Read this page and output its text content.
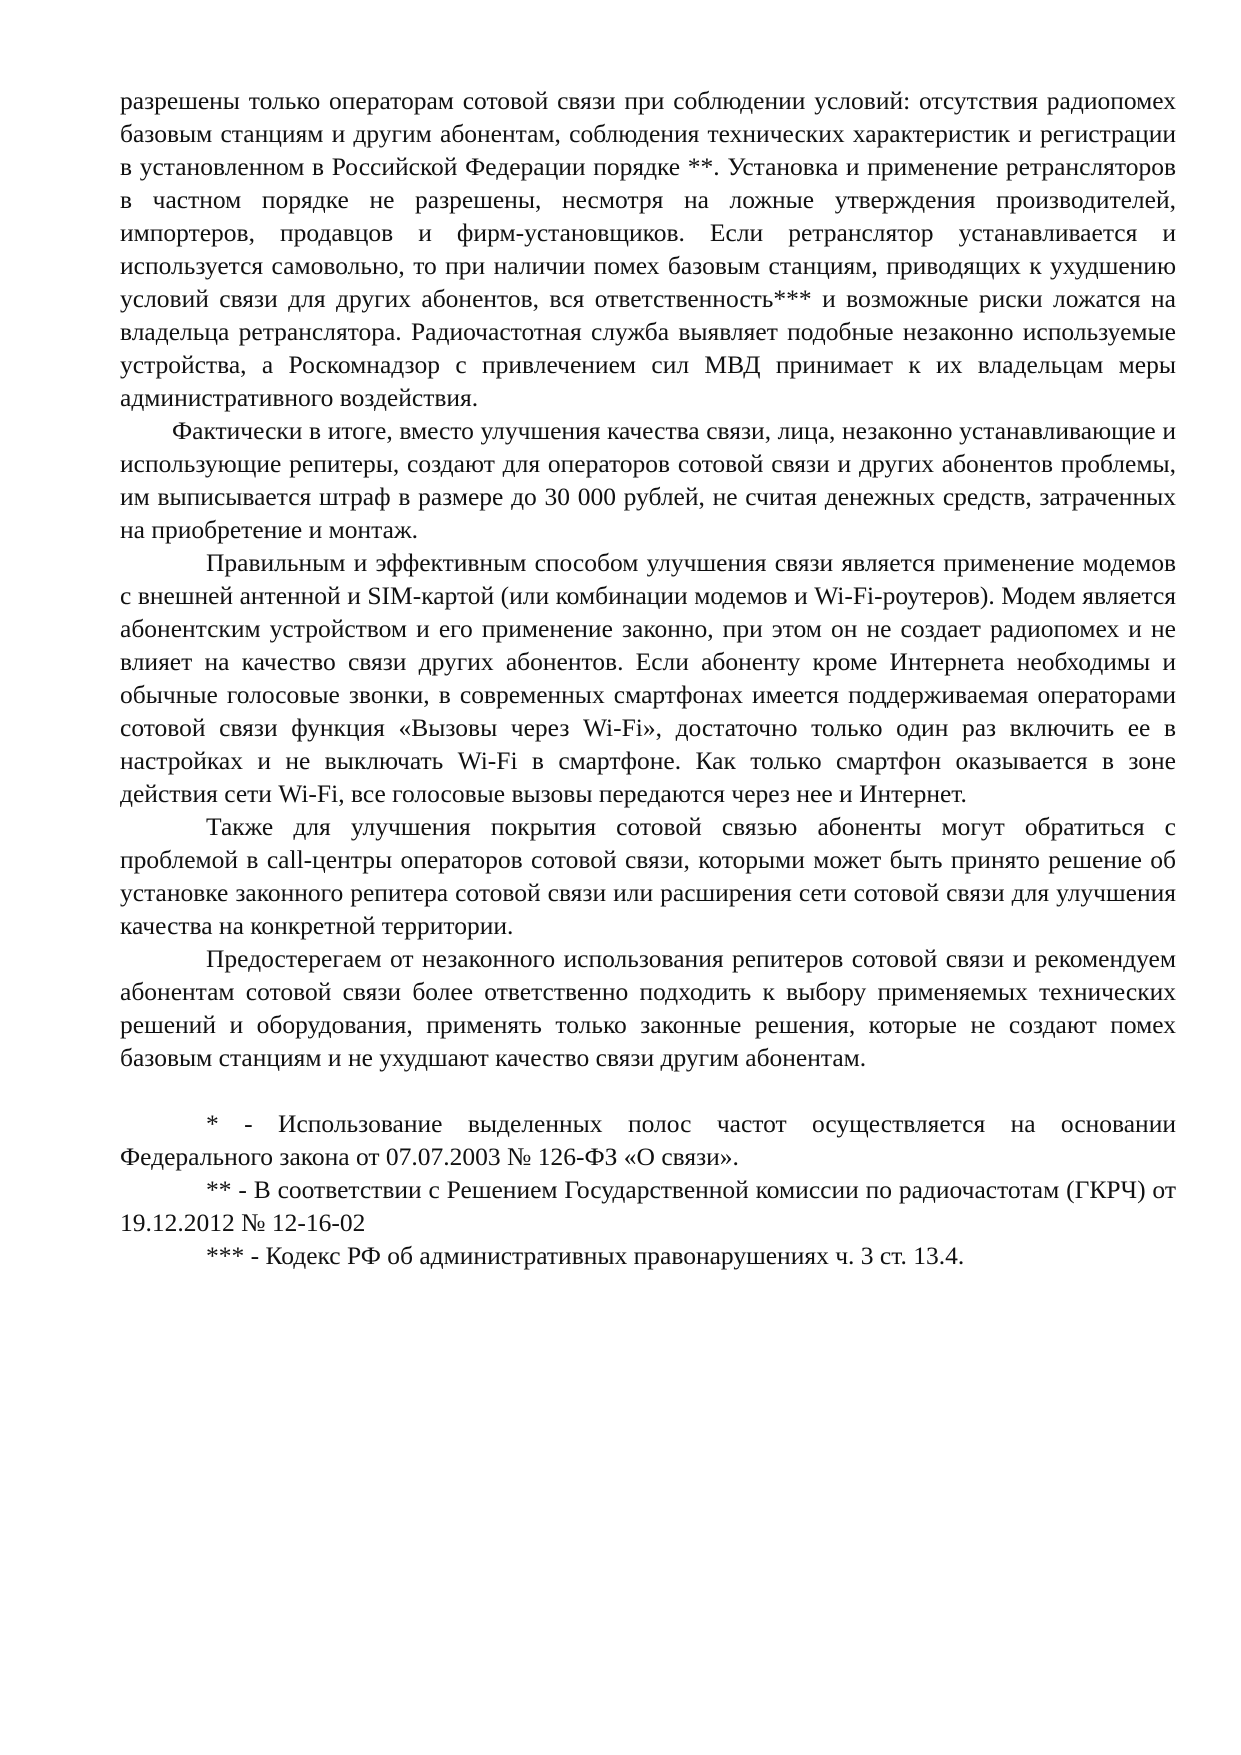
разрешены только операторам сотовой связи при соблюдении условий: отсутствия радиопомех базовым станциям и другим абонентам, соблюдения технических характеристик и регистрации в установленном в Российской Федерации порядке **. Установка и применение ретрансляторов в частном порядке не разрешены, несмотря на ложные утверждения производителей, импортеров, продавцов и фирм-установщиков. Если ретранслятор устанавливается и используется самовольно, то при наличии помех базовым станциям, приводящих к ухудшению условий связи для других абонентов, вся ответственность*** и возможные риски ложатся на владельца ретранслятора. Радиочастотная служба выявляет подобные незаконно используемые устройства, а Роскомнадзор с привлечением сил МВД принимает к их владельцам меры административного воздействия.

Фактически в итоге, вместо улучшения качества связи, лица, незаконно устанавливающие и использующие репитеры, создают для операторов сотовой связи и других абонентов проблемы, им выписывается штраф в размере до 30 000 рублей, не считая денежных средств, затраченных на приобретение и монтаж.

Правильным и эффективным способом улучшения связи является применение модемов с внешней антенной и SIM-картой (или комбинации модемов и Wi-Fi-роутеров). Модем является абонентским устройством и его применение законно, при этом он не создает радиопомех и не влияет на качество связи других абонентов. Если абоненту кроме Интернета необходимы и обычные голосовые звонки, в современных смартфонах имеется поддерживаемая операторами сотовой связи функция «Вызовы через Wi-Fi», достаточно только один раз включить ее в настройках и не выключать Wi-Fi в смартфоне. Как только смартфон оказывается в зоне действия сети Wi-Fi, все голосовые вызовы передаются через нее и Интернет.

Также для улучшения покрытия сотовой связью абоненты могут обратиться с проблемой в call-центры операторов сотовой связи, которыми может быть принято решение об установке законного репитера сотовой связи или расширения сети сотовой связи для улучшения качества на конкретной территории.

Предостерегаем от незаконного использования репитеров сотовой связи и рекомендуем абонентам сотовой связи более ответственно подходить к выбору применяемых технических решений и оборудования, применять только законные решения, которые не создают помех базовым станциям и не ухудшают качество связи другим абонентам.

* - Использование выделенных полос частот осуществляется на основании Федерального закона от 07.07.2003 № 126-ФЗ «О связи».

** - В соответствии с Решением Государственной комиссии по радиочастотам (ГКРЧ) от 19.12.2012 № 12-16-02

*** - Кодекс РФ об административных правонарушениях ч. 3 ст. 13.4.
